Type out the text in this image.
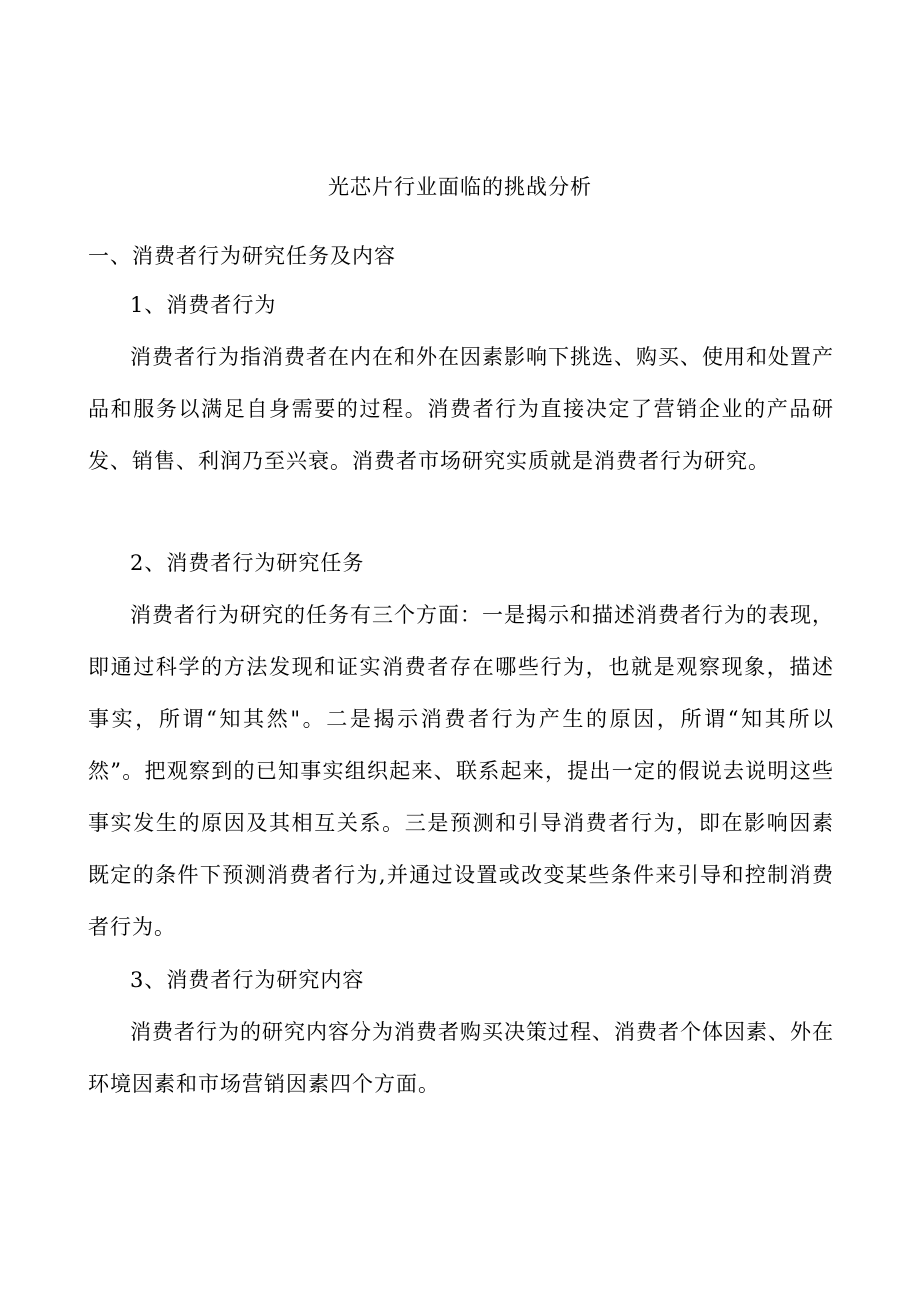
光芯片行业面临的挑战分析
一、消费者行为研究任务及内容
1、消费者行为

消费者行为指消费者在内在和外在因素影响下挑选、购买、使用和处置产品和服务以满足自身需要的过程。消费者行为直接决定了营销企业的产品研发、销售、利润乃至兴衰。消费者市场研究实质就是消费者行为研究。

2、消费者行为研究任务

消费者行为研究的任务有三个方面：一是揭示和描述消费者行为的表现，即通过科学的方法发现和证实消费者存在哪些行为，也就是观察现象，描述事实，所谓“知其然"。二是揭示消费者行为产生的原因，所谓“知其所以然”。把观察到的已知事实组织起来、联系起来，提出一定的假说去说明这些事实发生的原因及其相互关系。三是预测和引导消费者行为，即在影响因素既定的条件下预测消费者行为,并通过设置或改变某些条件来引导和控制消费者行为。

3、消费者行为研究内容

消费者行为的研究内容分为消费者购买决策过程、消费者个体因素、外在环境因素和市场营销因素四个方面。
